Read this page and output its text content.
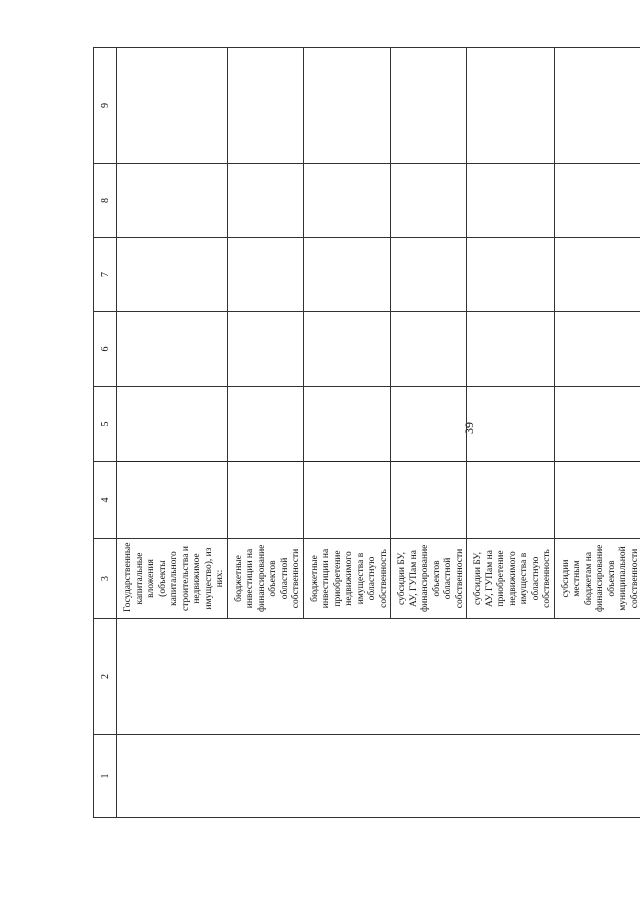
39
1	2	3	4	5	6	7	8	9
		Государственные капитальные вложения (объекты капитального строительства и недвижимое имущество), из них:						
		бюджетные инвестиции на финансирование объектов областной собственности						
		бюджетные инвестиции на приобретение недвижимого имущества в областную собственность						
		субсидии БУ, АУ, ГУПам на финансирование объектов областной собственности						
		субсидии БУ, АУ, ГУПам на приобретение недвижимого имущества в областную собственность						
		субсидии местным бюджетам на финансирование объектов муниципальной собственности						
